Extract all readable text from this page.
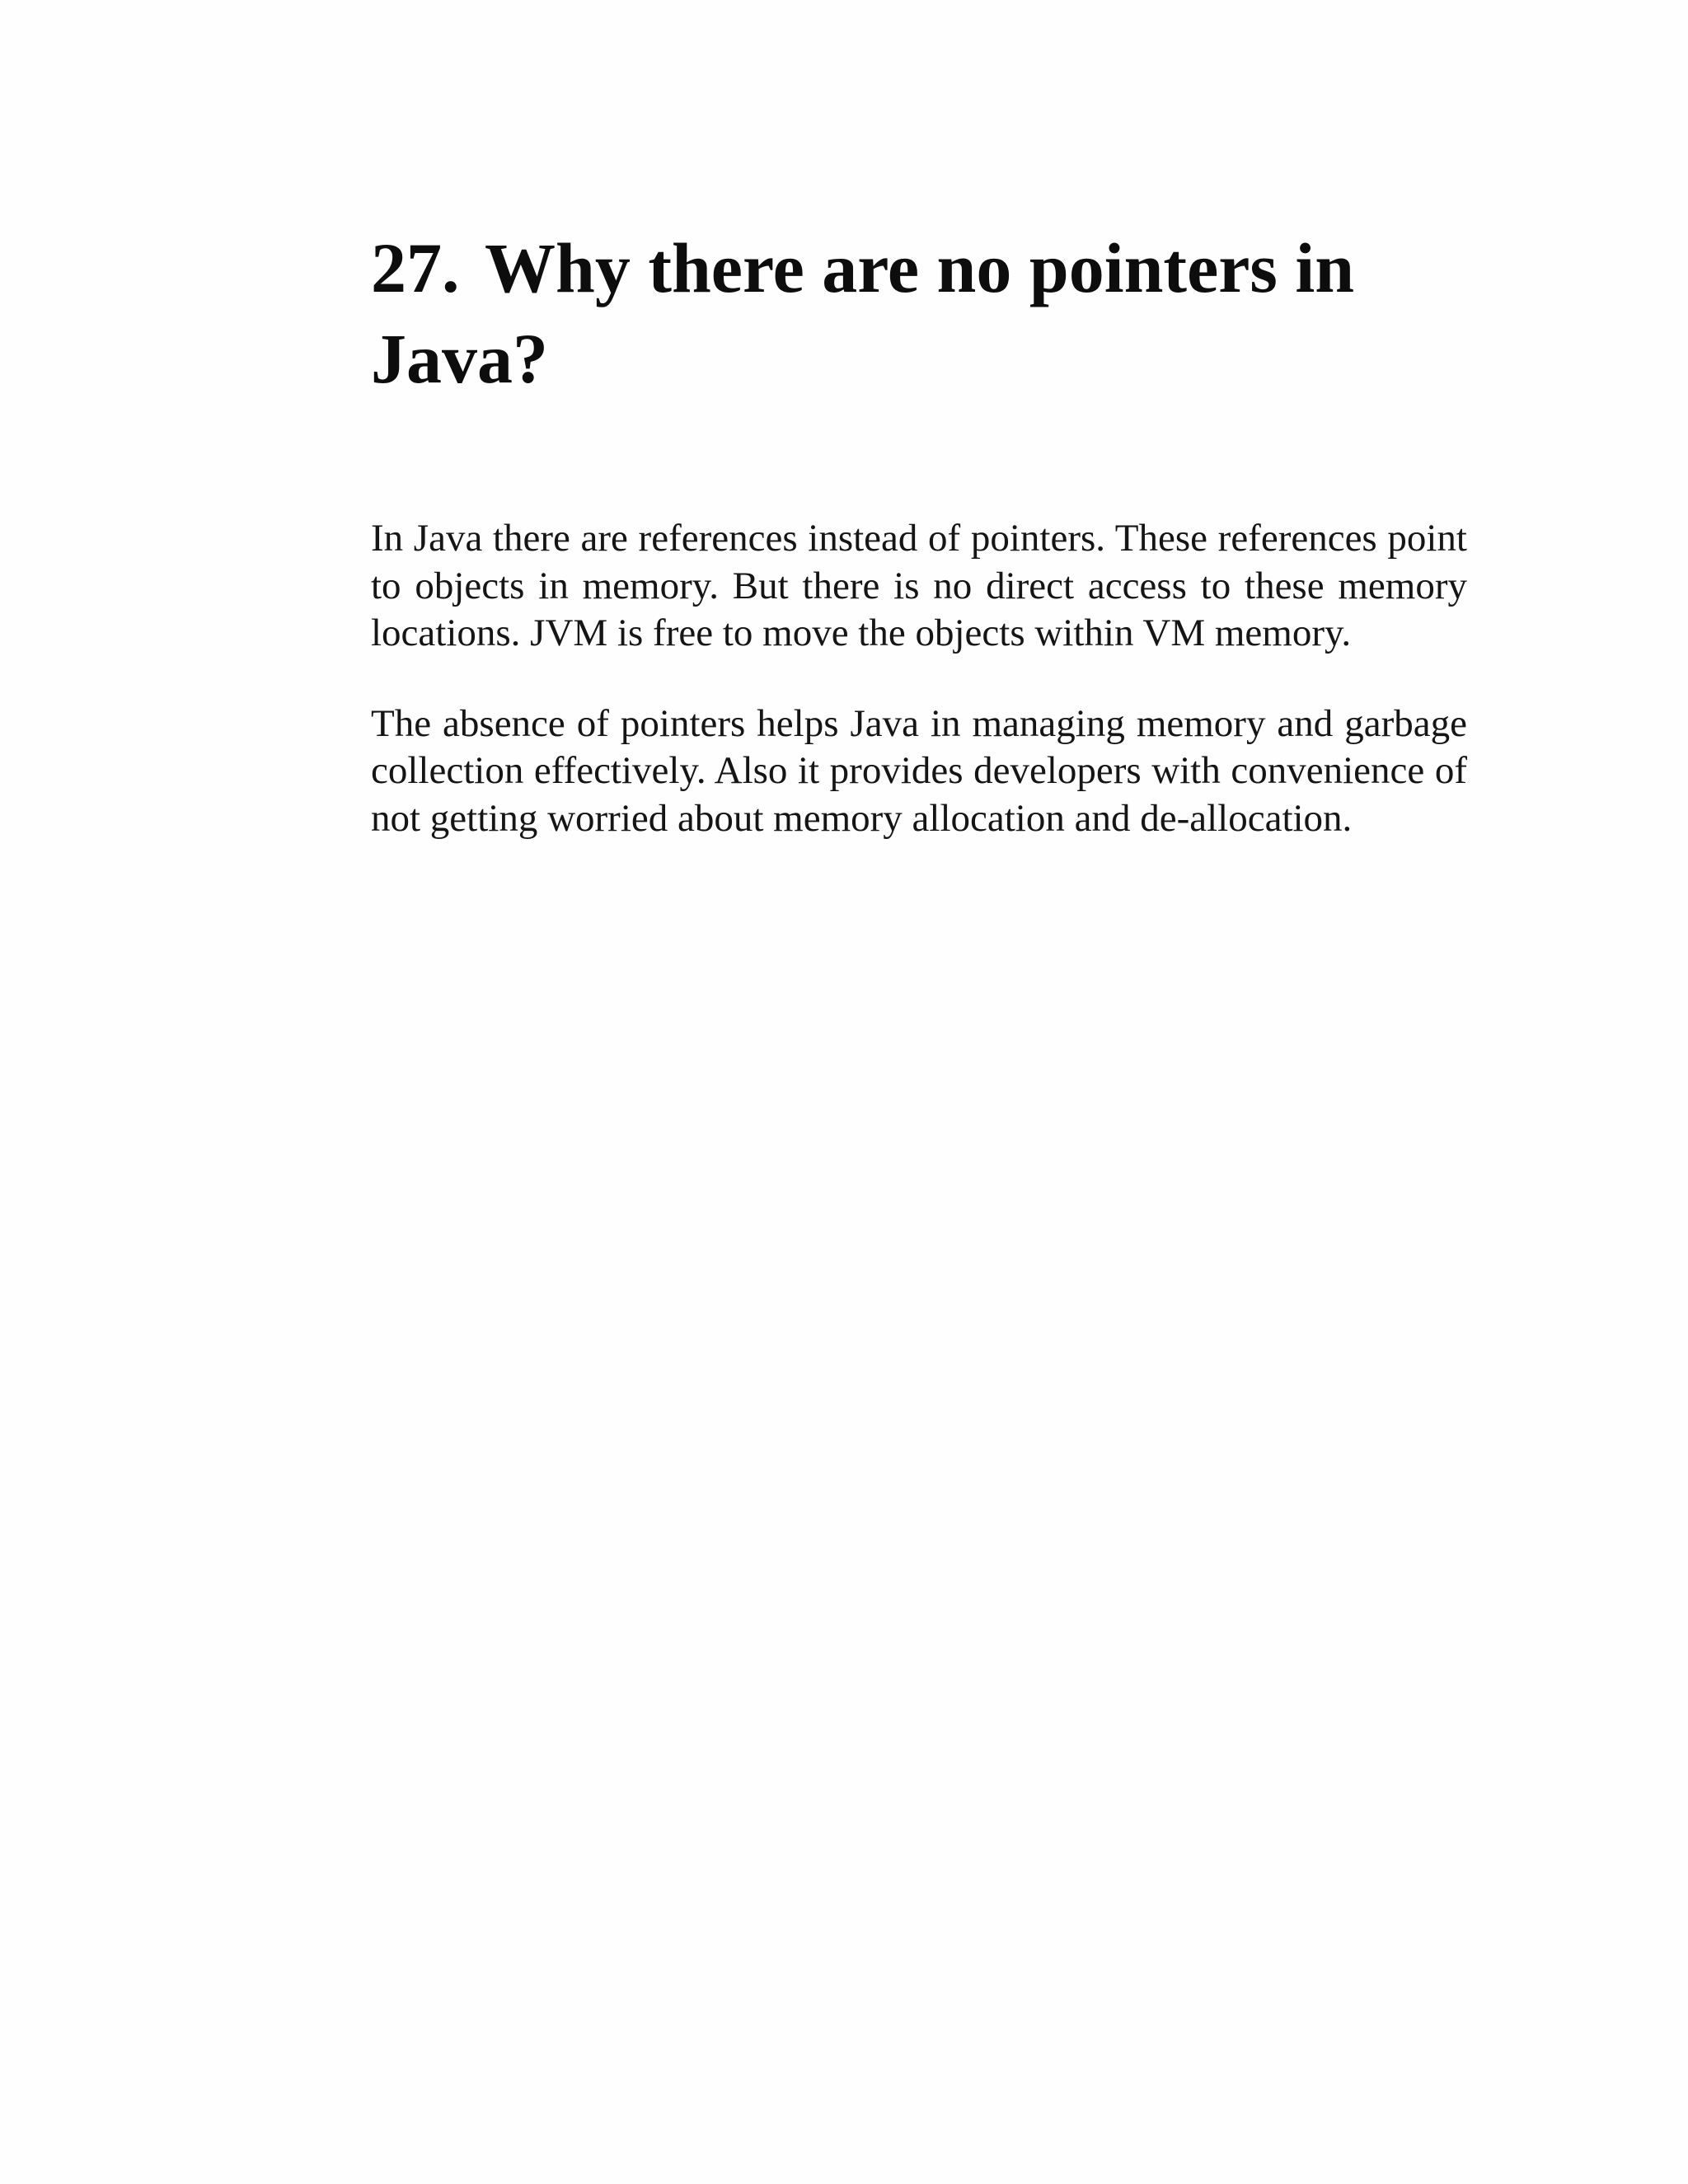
27. Why there are no pointers in
Java?

In Java there are references instead of pointers. These references point to objects in memory. But there is no direct access to these memory locations. JVM is free to move the objects within VM memory.

The absence of pointers helps Java in managing memory and garbage collection effectively. Also it provides developers with convenience of not getting worried about memory allocation and de-allocation.
